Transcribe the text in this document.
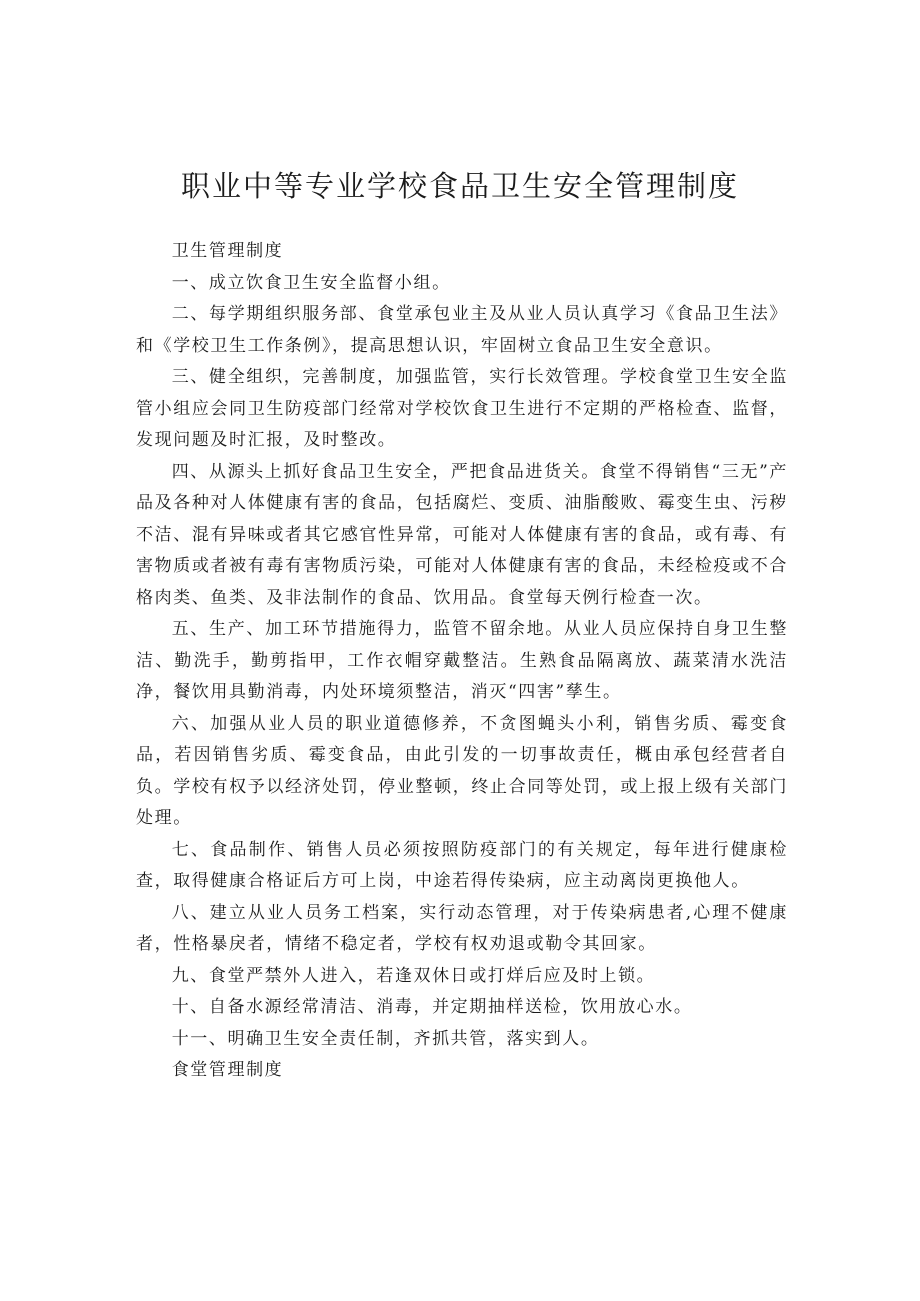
职业中等专业学校食品卫生安全管理制度

卫生管理制度

一、成立饮食卫生安全监督小组。

二、每学期组织服务部、食堂承包业主及从业人员认真学习《食品卫生法》和《学校卫生工作条例》，提高思想认识，牢固树立食品卫生安全意识。

三、健全组织，完善制度，加强监管，实行长效管理。学校食堂卫生安全监管小组应会同卫生防疫部门经常对学校饮食卫生进行不定期的严格检查、监督，发现问题及时汇报，及时整改。

四、从源头上抓好食品卫生安全，严把食品进货关。食堂不得销售“三无”产品及各种对人体健康有害的食品，包括腐烂、变质、油脂酸败、霉变生虫、污秽不洁、混有异味或者其它感官性异常，可能对人体健康有害的食品，或有毒、有害物质或者被有毒有害物质污染，可能对人体健康有害的食品，未经检疫或不合格肉类、鱼类、及非法制作的食品、饮用品。食堂每天例行检查一次。

五、生产、加工环节措施得力，监管不留余地。从业人员应保持自身卫生整洁、勤洗手，勤剪指甲，工作衣帽穿戴整洁。生熟食品隔离放、蔬菜清水洗洁净，餐饮用具勤消毒，内处环境须整洁，消灭“四害”孳生。

六、加强从业人员的职业道德修养，不贪图蝇头小利，销售劣质、霉变食品，若因销售劣质、霉变食品，由此引发的一切事故责任，概由承包经营者自负。学校有权予以经济处罚，停业整顿，终止合同等处罚，或上报上级有关部门处理。

七、食品制作、销售人员必须按照防疫部门的有关规定，每年进行健康检查，取得健康合格证后方可上岗，中途若得传染病，应主动离岗更换他人。

八、建立从业人员务工档案，实行动态管理，对于传染病患者,心理不健康者，性格暴戾者，情绪不稳定者，学校有权劝退或勒令其回家。

九、食堂严禁外人进入，若逢双休日或打烊后应及时上锁。

十、自备水源经常清洁、消毒，并定期抽样送检，饮用放心水。

十一、明确卫生安全责任制，齐抓共管，落实到人。

食堂管理制度
